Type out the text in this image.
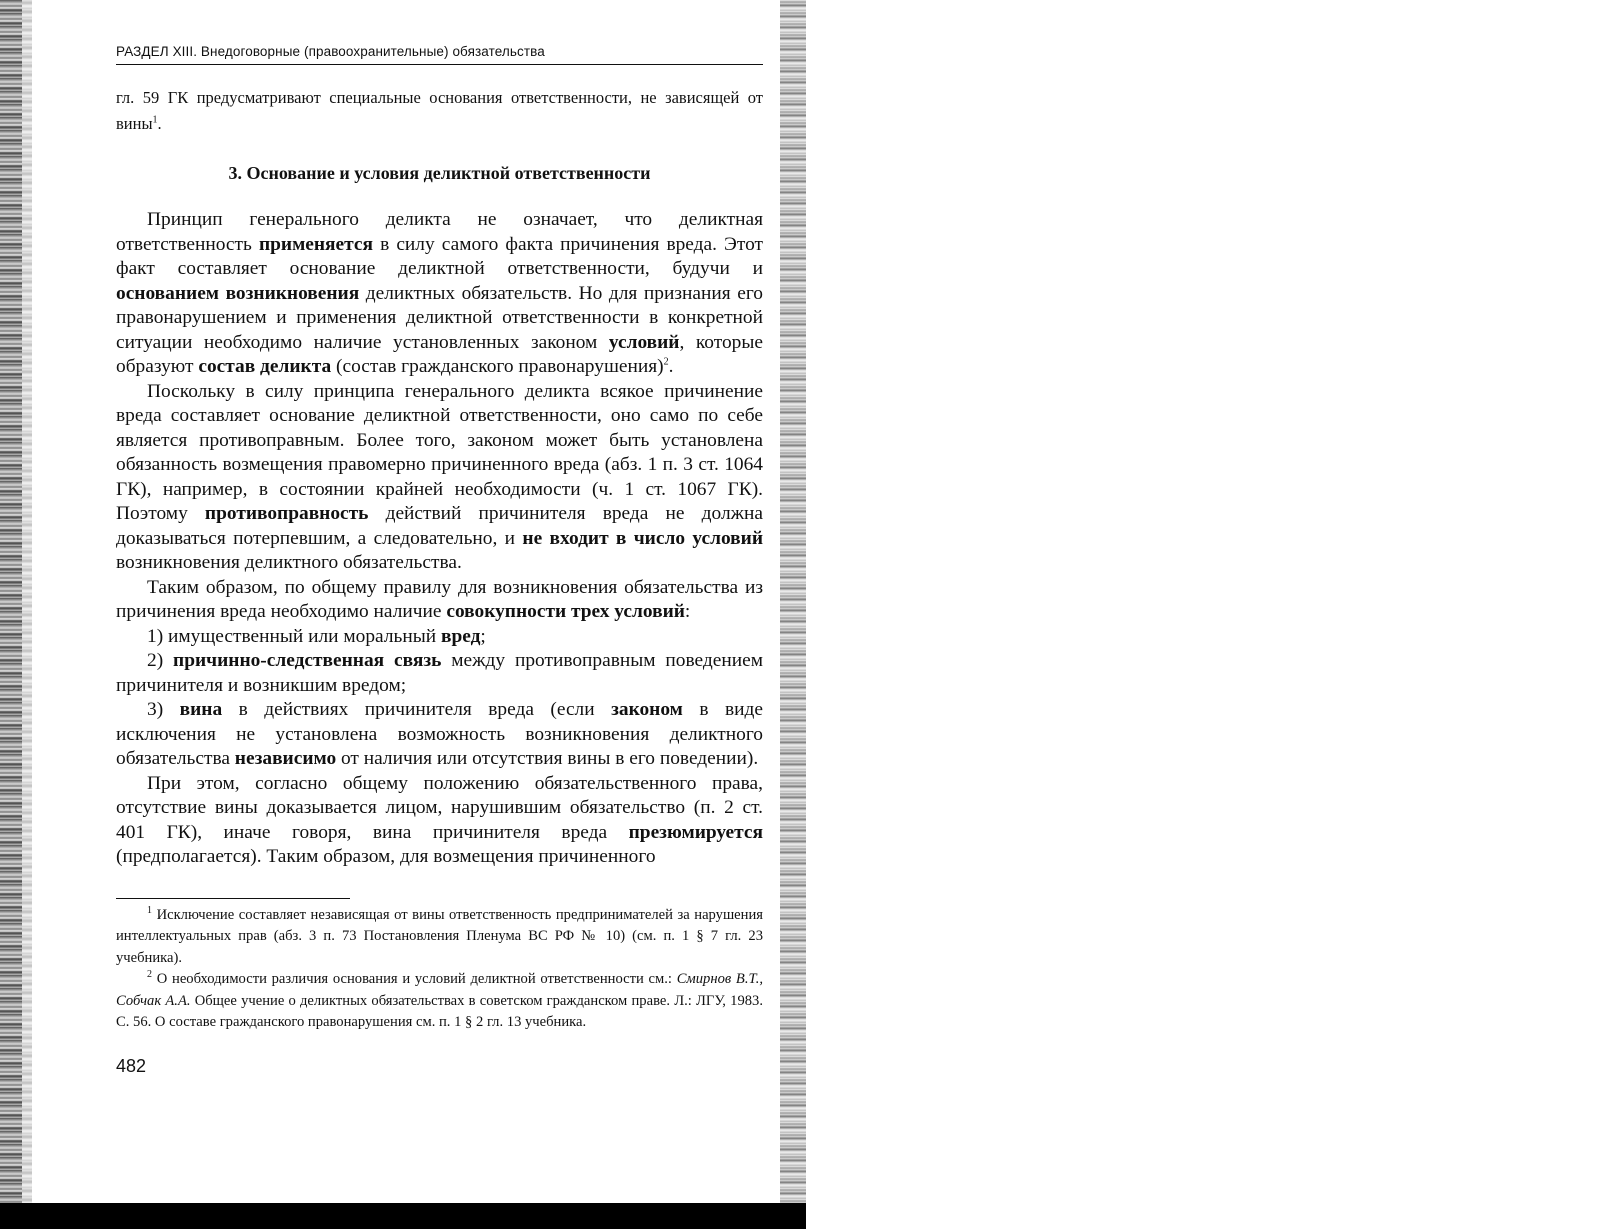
РАЗДЕЛ XIII. Внедоговорные (правоохранительные) обязательства
гл. 59 ГК предусматривают специальные основания ответственности, не зависящей от вины$^1$.
3. Основание и условия деликтной ответственности

Принцип генерального деликта не означает, что деликтная ответственность применяется в силу самого факта причинения вреда. Этот факт составляет основание деликтной ответственности, будучи и основанием возникновения деликтных обязательств. Но для признания его правонарушением и применения деликтной ответственности в конкретной ситуации необходимо наличие установленных законом условий, которые образуют состав деликта (состав гражданского правонарушения)$^2$.

Поскольку в силу принципа генерального деликта всякое причинение вреда составляет основание деликтной ответственности, оно само по себе является противоправным. Более того, законом может быть установлена обязанность возмещения правомерно причиненного вреда (абз. 1 п. 3 ст. 1064 ГК), например, в состоянии крайней необходимости (ч. 1 ст. 1067 ГК). Поэтому противоправность действий причинителя вреда не должна доказываться потерпевшим, а следовательно, и не входит в число условий возникновения деликтного обязательства.

Таким образом, по общему правилу для возникновения обязательства из причинения вреда необходимо наличие совокупности трех условий:

1) имущественный или моральный вред;

2) причинно-следственная связь между противоправным поведением причинителя и возникшим вредом;

3) вина в действиях причинителя вреда (если законом в виде исключения не установлена возможность возникновения деликтного обязательства независимо от наличия или отсутствия вины в его поведении).

При этом, согласно общему положению обязательственного права, отсутствие вины доказывается лицом, нарушившим обязательство (п. 2 ст. 401 ГК), иначе говоря, вина причинителя вреда презюмируется (предполагается). Таким образом, для возмещения причиненного

$^1$ Исключение составляет независящая от вины ответственность предпринимателей за нарушения интеллектуальных прав (абз. 3 п. 73 Постановления Пленума ВС РФ № 10) (см. п. 1 § 7 гл. 23 учебника).

$^2$ О необходимости различия основания и условий деликтной ответственности см.: Смирнов В.Т., Собчак А.А. Общее учение о деликтных обязательствах в советском гражданском праве. Л.: ЛГУ, 1983. С. 56. О составе гражданского правонарушения см. п. 1 § 2 гл. 13 учебника.

482
